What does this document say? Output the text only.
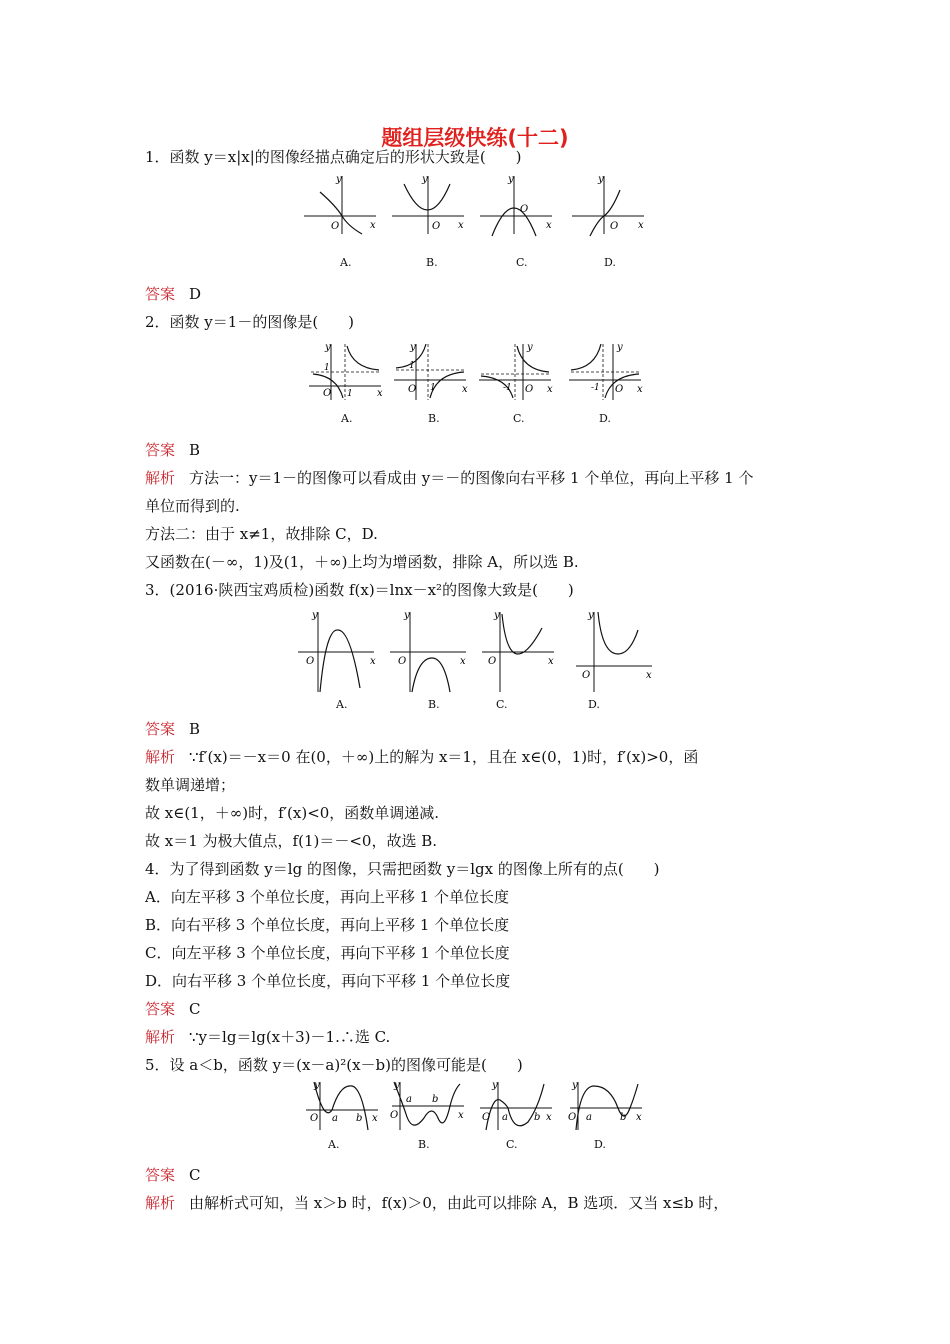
题组层级快练(十二)
1．函数 y＝x|x|的图像经描点确定后的形状大致是(　　)
y
x
O
A.
y
x
O
B.
y
x
O
C.
y
x
O
D.
答案 D
2．函数 y＝1－的图像是(　　)
y
x
O
1
1
A.
y
x
O
1
1
B.
y
x
O
-1
C.
y
x
O
-1
D.
答案 B
解析 方法一：y＝1－的图像可以看成由 y＝－的图像向右平移 1 个单位，再向上平移 1 个
单位而得到的.
方法二：由于 x≠1，故排除 C，D.
又函数在(－∞，1)及(1，＋∞)上均为增函数，排除 A，所以选 B.
3．(2016·陕西宝鸡质检)函数 f(x)＝lnx－x²的图像大致是(　　)
y
x
O
A.
y
x
O
B.
y
x
O
C.
y
x
O
D.
答案 B
解析 ∵f′(x)＝－x＝0 在(0，＋∞)上的解为 x＝1，且在 x∈(0，1)时，f′(x)>0，函
数单调递增；
故 x∈(1，＋∞)时，f′(x)<0，函数单调递减.
故 x＝1 为极大值点，f(1)＝－<0，故选 B.
4．为了得到函数 y＝lg 的图像，只需把函数 y＝lgx 的图像上所有的点(　　)
A．向左平移 3 个单位长度，再向上平移 1 个单位长度
B．向右平移 3 个单位长度，再向上平移 1 个单位长度
C．向左平移 3 个单位长度，再向下平移 1 个单位长度
D．向右平移 3 个单位长度，再向下平移 1 个单位长度
答案 C
解析 ∵y＝lg＝lg(x＋3)－1.∴选 C.
5．设 a＜b，函数 y＝(x－a)²(x－b)的图像可能是(　　)
y
x
O a b
A.
y
x
O
a b
B.
y
x
O a	b
C.
y
x
O a	b
D.
答案 C
解析 由解析式可知，当 x＞b 时，f(x)＞0，由此可以排除 A，B 选项．又当 x≤b 时，
